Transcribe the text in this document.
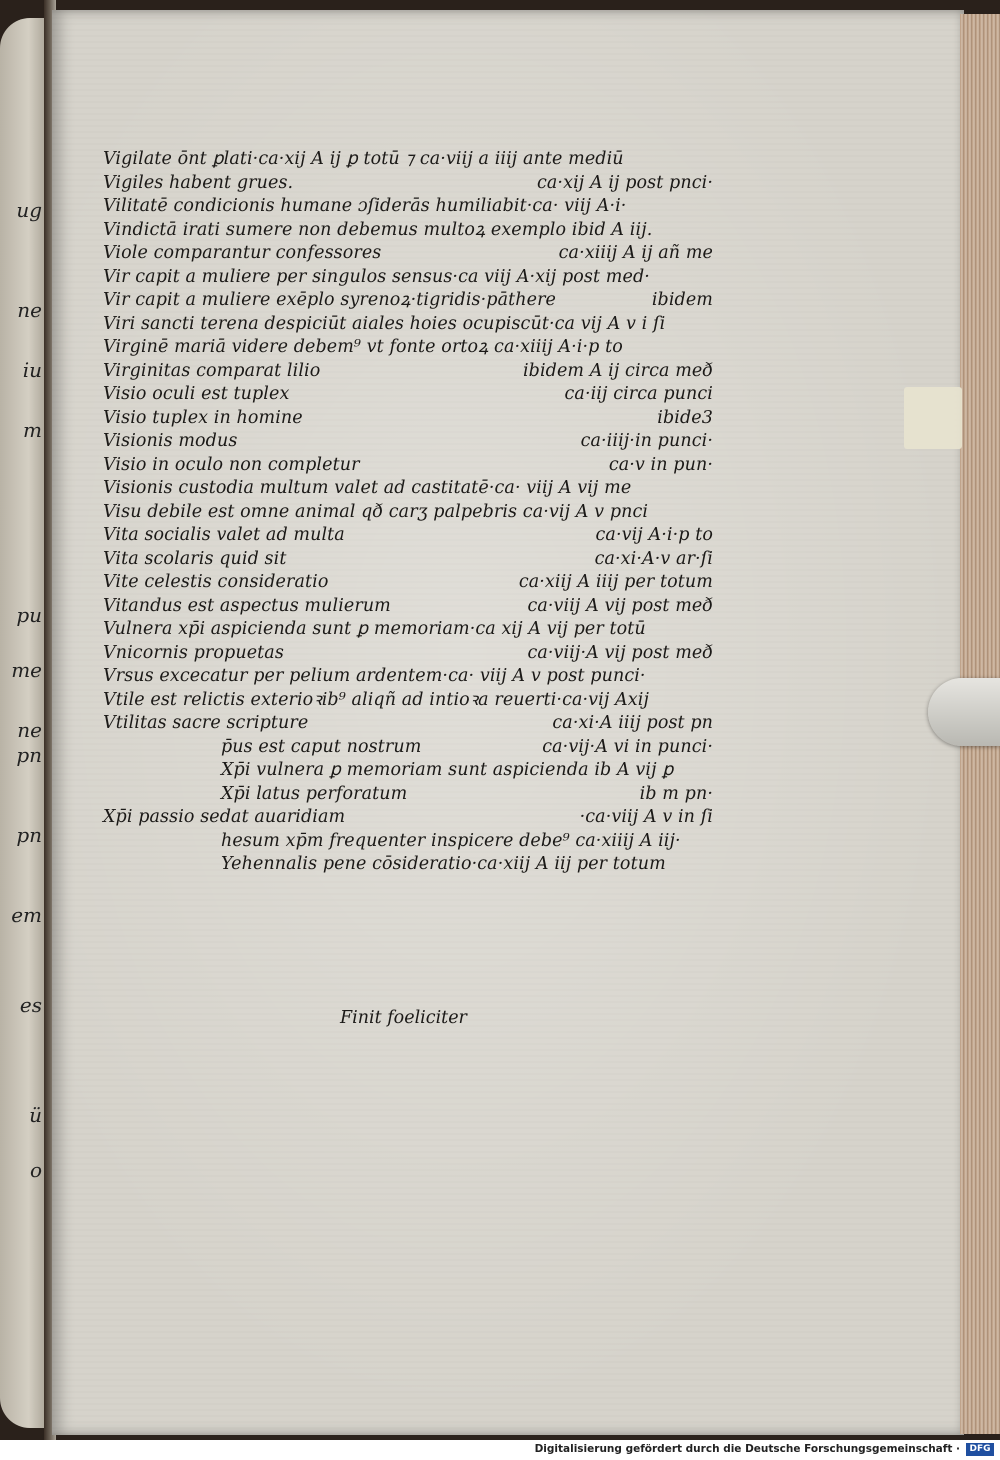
ug
ne
iu
m
pu
me
ne
pn
pn
em
es
ü
o
Vigilate ōnt ꝑlati·ca·xij A ij ꝑ totū ⁊ ca·viij a iiij ante mediū
Vigiles habent grues.	ca·xij A ij post pnci·
Vilitatē condicionis humane ɔſiderās humiliabit·ca· viij A·i·
Vindictā irati sumere non debemus multoꝝ exemplo ibid A iij.
Viole comparantur confessores	ca·xiiij A ij añ me
Vir capit a muliere per singulos sensus·ca viij A·xij post med·
Vir capit a muliere exēplo syrenoꝝ·tigridis·pāthere	ibidem
Viri sancti terena despiciūt aiales hoies ocupiscūt·ca vij A v i ſi
Virginē mariā videre debem⁹ vt fonte ortoꝝ ca·xiiij A·i·p to
Virginitas comparat lilio	ibidem A ij circa með
Visio oculi est tuplex	ca·iij circa punci
Visio tuplex in homine	ibide3
Visionis modus	ca·iiij·in punci·
Visio in oculo non completur	ca·v in pun·
Visionis custodia multum valet ad castitatē·ca· viij A vij me
Visu debile est omne animal qð carʒ palpebris ca·vij A v pnci
Vita socialis valet ad multa	ca·vij A·i·p to
Vita scolaris quid sit	ca·xi·A·v ar·ſi
Vite celestis consideratio	ca·xiij A iiij per totum
Vitandus est aspectus mulierum	ca·viij A vij post með
Vulnera xp̄i aspicienda sunt ꝑ memoriam·ca xij A vij per totū
Vnicornis propuetas	ca·viij·A vij post með
Vrsus excecatur per pelium ardentem·ca· viij A v post punci·
Vtile est relictis exterioꝛib⁹ aliqñ ad intioꝛa reuerti·ca·vij Axij
Vtilitas sacre scripture	ca·xi·A iiij post pn
p̄us est caput nostrum	ca·vij·A vi in punci·
Xp̄i vulnera ꝑ memoriam sunt aspicienda ib A vij ꝑ
Xp̄i latus perforatum	ib m pn·
Xp̄i passio sedat auaridiam	·ca·viij A v in ſi
hesum xp̄m frequenter inspicere debe⁹ ca·xiiij A iij·
Yehennalis pene cōsideratio·ca·xiij A iij per totum
Finit foeliciter
Digitalisierung gefördert durch die Deutsche Forschungsgemeinschaft ·	DFG
